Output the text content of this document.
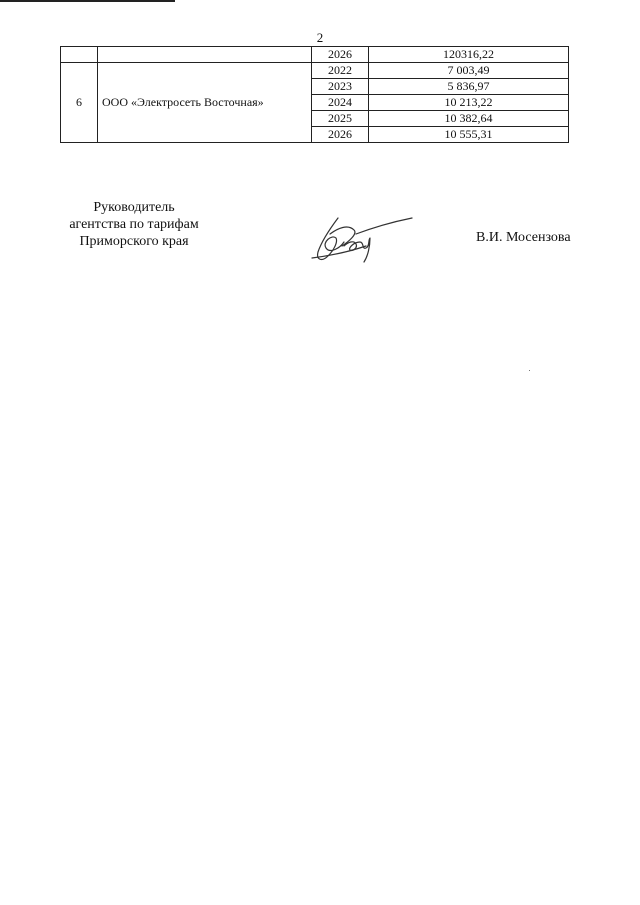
2
		2026	120316,22
6	ООО «Электросеть Восточная»	2022	7 003,49
		2023	5 836,97
		2024	10 213,22
		2025	10 382,64
		2026	10 555,31
Руководитель
агентства по тарифам
Приморского края	В.И. Мосензова
